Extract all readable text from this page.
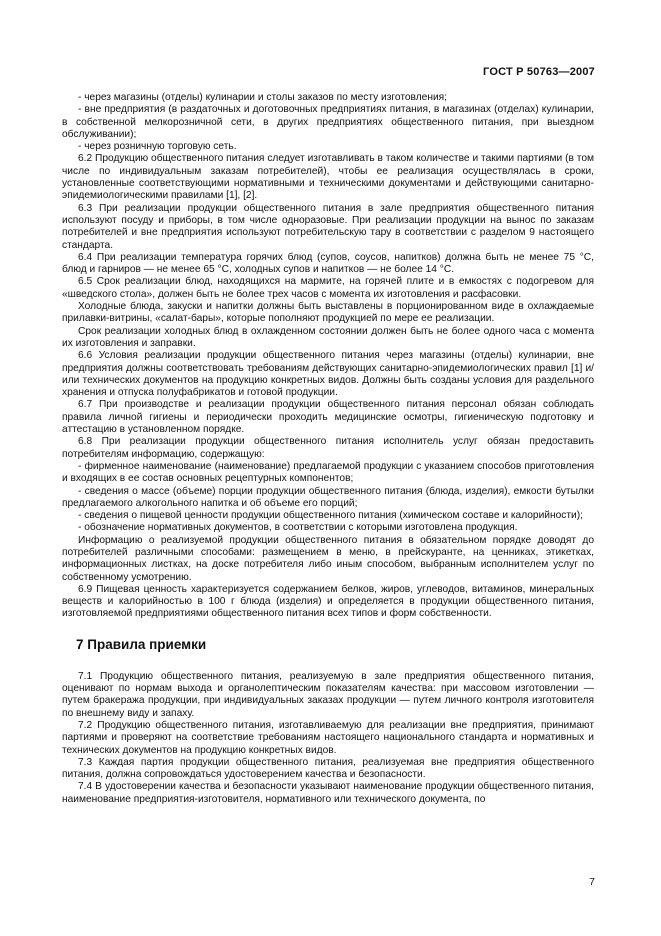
ГОСТ Р 50763—2007

- через магазины (отделы) кулинарии и столы заказов по месту изготовления;

- вне предприятия (в раздаточных и доготовочных предприятиях питания, в магазинах (отделах) кулинарии, в собственной мелкорозничной сети, в других предприятиях общественного питания, при выездном обслуживании);

- через розничную торговую сеть.

6.2 Продукцию общественного питания следует изготавливать в таком количестве и такими партиями (в том числе по индивидуальным заказам потребителей), чтобы ее реализация осуществлялась в сроки, установленные соответствующими нормативными и техническими документами и действующими санитарно-эпидемиологическими правилами [1], [2].

6.3 При реализации продукции общественного питания в зале предприятия общественного питания используют посуду и приборы, в том числе одноразовые. При реализации продукции на вынос по заказам потребителей и вне предприятия используют потребительскую тару в соответствии с разделом 9 настоящего стандарта.

6.4 При реализации температура горячих блюд (супов, соусов, напитков) должна быть не менее 75 °С, блюд и гарниров — не менее 65 °С, холодных супов и напитков — не более 14 °С.

6.5 Срок реализации блюд, находящихся на мармите, на горячей плите и в емкостях с подогревом для «шведского стола», должен быть не более трех часов с момента их изготовления и расфасовки.

Холодные блюда, закуски и напитки должны быть выставлены в порционированном виде в охлаждаемые прилавки-витрины, «салат-бары», которые пополняют продукцией по мере ее реализации.

Срок реализации холодных блюд в охлажденном состоянии должен быть не более одного часа с момента их изготовления и заправки.

6.6 Условия реализации продукции общественного питания через магазины (отделы) кулинарии, вне предприятия должны соответствовать требованиям действующих санитарно-эпидемиологических правил [1] и/или технических документов на продукцию конкретных видов. Должны быть созданы условия для раздельного хранения и отпуска полуфабрикатов и готовой продукции.

6.7 При производстве и реализации продукции общественного питания персонал обязан соблюдать правила личной гигиены и периодически проходить медицинские осмотры, гигиеническую подготовку и аттестацию в установленном порядке.

6.8 При реализации продукции общественного питания исполнитель услуг обязан предоставить потребителям информацию, содержащую:

- фирменное наименование (наименование) предлагаемой продукции с указанием способов приготовления и входящих в ее состав основных рецептурных компонентов;

- сведения о массе (объеме) порции продукции общественного питания (блюда, изделия), емкости бутылки предлагаемого алкогольного напитка и об объеме его порций;

- сведения о пищевой ценности продукции общественного питания (химическом составе и калорийности);

- обозначение нормативных документов, в соответствии с которыми изготовлена продукция.

Информацию о реализуемой продукции общественного питания в обязательном порядке доводят до потребителей различными способами: размещением в меню, в прейскуранте, на ценниках, этикетках, информационных листках, на доске потребителя либо иным способом, выбранным исполнителем услуг по собственному усмотрению.

6.9 Пищевая ценность характеризуется содержанием белков, жиров, углеводов, витаминов, минеральных веществ и калорийностью в 100 г блюда (изделия) и определяется в продукции общественного питания, изготовляемой предприятиями общественного питания всех типов и форм собственности.

7 Правила приемки

7.1 Продукцию общественного питания, реализуемую в зале предприятия общественного питания, оценивают по нормам выхода и органолептическим показателям качества: при массовом изготовлении — путем бракеража продукции, при индивидуальных заказах продукции — путем личного контроля изготовителя по внешнему виду и запаху.

7.2 Продукцию общественного питания, изготавливаемую для реализации вне предприятия, принимают партиями и проверяют на соответствие требованиям настоящего национального стандарта и нормативных и технических документов на продукцию конкретных видов.

7.3 Каждая партия продукции общественного питания, реализуемая вне предприятия общественного питания, должна сопровождаться удостоверением качества и безопасности.

7.4 В удостоверении качества и безопасности указывают наименование продукции общественного питания, наименование предприятия-изготовителя, нормативного или технического документа, по

7
